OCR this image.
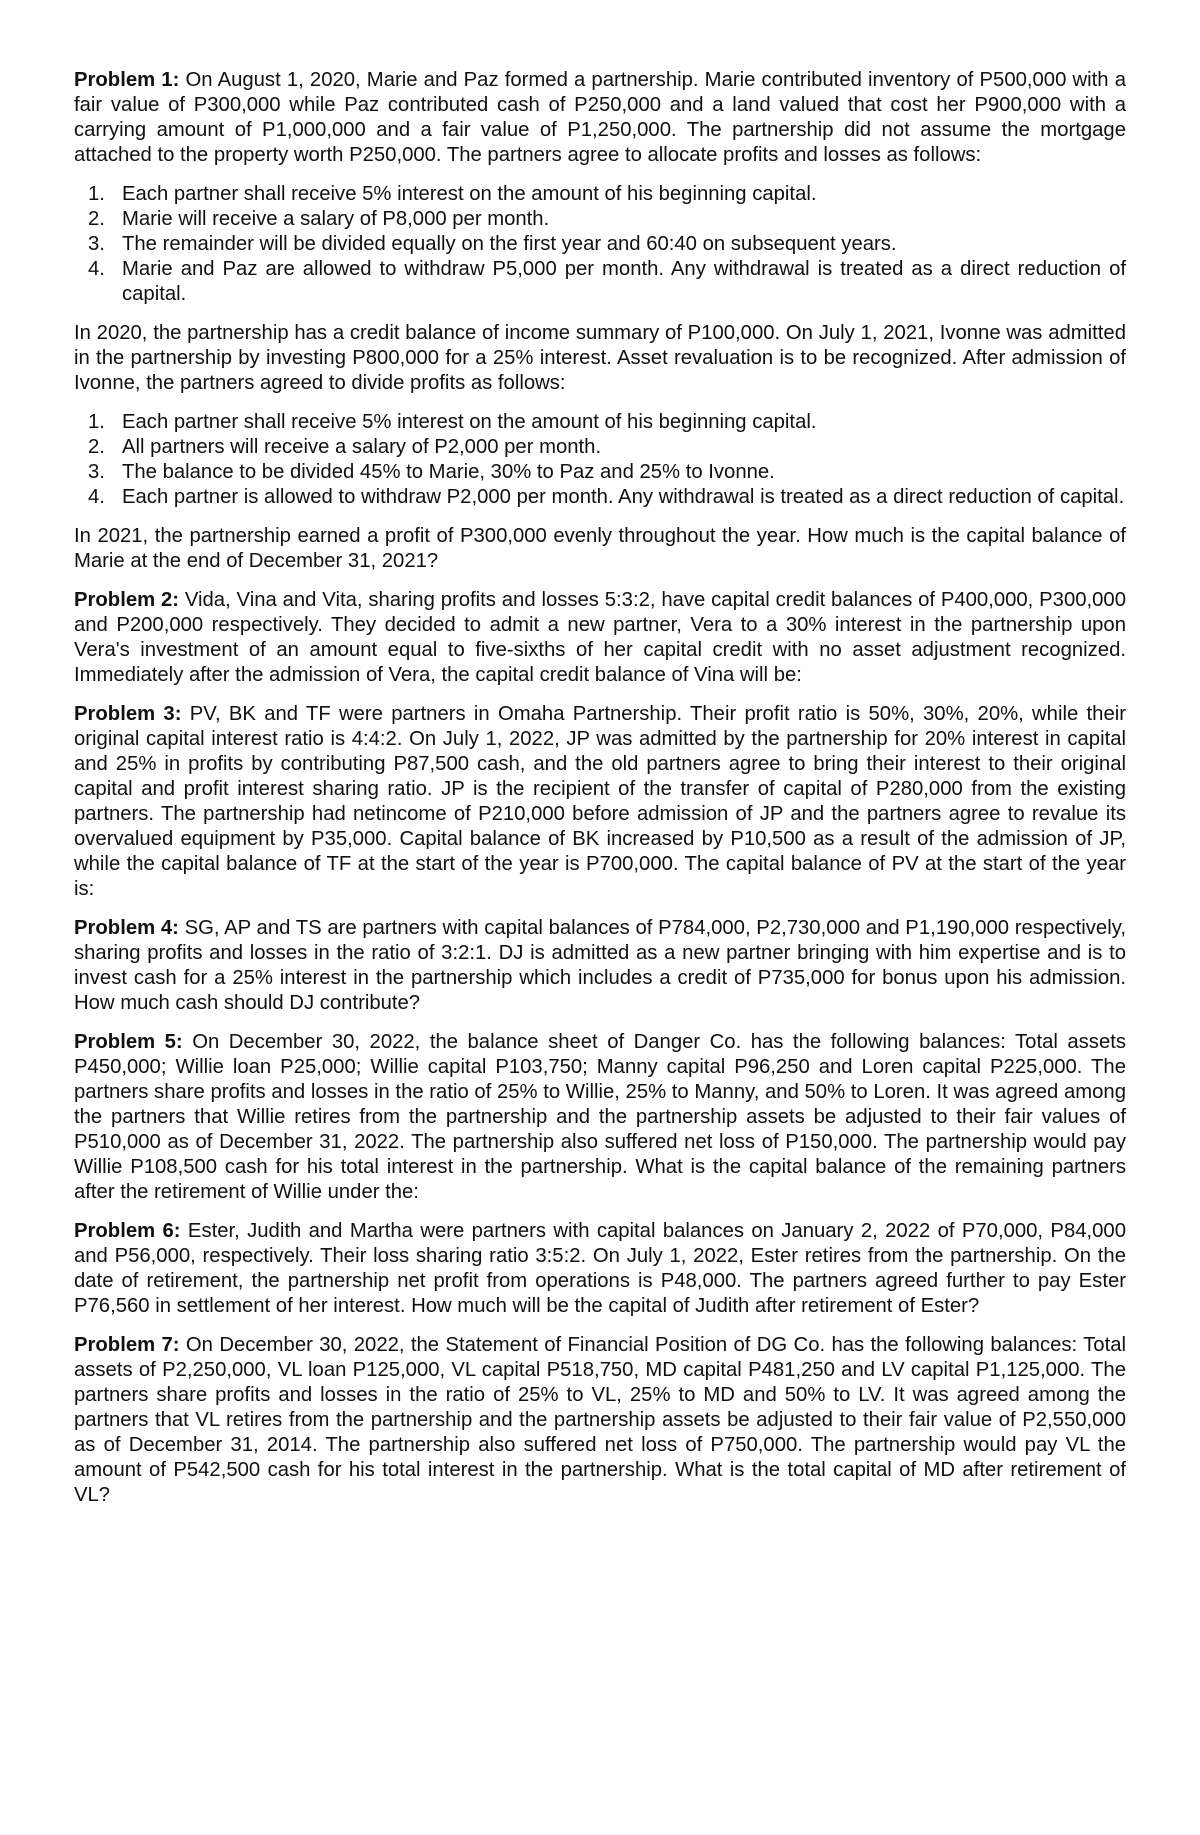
Problem 1: On August 1, 2020, Marie and Paz formed a partnership. Marie contributed inventory of P500,000 with a fair value of P300,000 while Paz contributed cash of P250,000 and a land valued that cost her P900,000 with a carrying amount of P1,000,000 and a fair value of P1,250,000. The partnership did not assume the mortgage attached to the property worth P250,000. The partners agree to allocate profits and losses as follows:

1. Each partner shall receive 5% interest on the amount of his beginning capital.
2. Marie will receive a salary of P8,000 per month.
3. The remainder will be divided equally on the first year and 60:40 on subsequent years.
4. Marie and Paz are allowed to withdraw P5,000 per month. Any withdrawal is treated as a direct reduction of capital.

In 2020, the partnership has a credit balance of income summary of P100,000. On July 1, 2021, Ivonne was admitted in the partnership by investing P800,000 for a 25% interest. Asset revaluation is to be recognized. After admission of Ivonne, the partners agreed to divide profits as follows:

1. Each partner shall receive 5% interest on the amount of his beginning capital.
2. All partners will receive a salary of P2,000 per month.
3. The balance to be divided 45% to Marie, 30% to Paz and 25% to Ivonne.
4. Each partner is allowed to withdraw P2,000 per month. Any withdrawal is treated as a direct reduction of capital.

In 2021, the partnership earned a profit of P300,000 evenly throughout the year. How much is the capital balance of Marie at the end of December 31, 2021?

Problem 2: Vida, Vina and Vita, sharing profits and losses 5:3:2, have capital credit balances of P400,000, P300,000 and P200,000 respectively. They decided to admit a new partner, Vera to a 30% interest in the partnership upon Vera's investment of an amount equal to five-sixths of her capital credit with no asset adjustment recognized. Immediately after the admission of Vera, the capital credit balance of Vina will be:

Problem 3: PV, BK and TF were partners in Omaha Partnership. Their profit ratio is 50%, 30%, 20%, while their original capital interest ratio is 4:4:2. On July 1, 2022, JP was admitted by the partnership for 20% interest in capital and 25% in profits by contributing P87,500 cash, and the old partners agree to bring their interest to their original capital and profit interest sharing ratio. JP is the recipient of the transfer of capital of P280,000 from the existing partners. The partnership had netincome of P210,000 before admission of JP and the partners agree to revalue its overvalued equipment by P35,000. Capital balance of BK increased by P10,500 as a result of the admission of JP, while the capital balance of TF at the start of the year is P700,000. The capital balance of PV at the start of the year is:

Problem 4: SG, AP and TS are partners with capital balances of P784,000, P2,730,000 and P1,190,000 respectively, sharing profits and losses in the ratio of 3:2:1. DJ is admitted as a new partner bringing with him expertise and is to invest cash for a 25% interest in the partnership which includes a credit of P735,000 for bonus upon his admission. How much cash should DJ contribute?

Problem 5: On December 30, 2022, the balance sheet of Danger Co. has the following balances: Total assets P450,000; Willie loan P25,000; Willie capital P103,750; Manny capital P96,250 and Loren capital P225,000. The partners share profits and losses in the ratio of 25% to Willie, 25% to Manny, and 50% to Loren. It was agreed among the partners that Willie retires from the partnership and the partnership assets be adjusted to their fair values of P510,000 as of December 31, 2022. The partnership also suffered net loss of P150,000. The partnership would pay Willie P108,500 cash for his total interest in the partnership. What is the capital balance of the remaining partners after the retirement of Willie under the:

Problem 6: Ester, Judith and Martha were partners with capital balances on January 2, 2022 of P70,000, P84,000 and P56,000, respectively. Their loss sharing ratio 3:5:2. On July 1, 2022, Ester retires from the partnership. On the date of retirement, the partnership net profit from operations is P48,000. The partners agreed further to pay Ester P76,560 in settlement of her interest. How much will be the capital of Judith after retirement of Ester?

Problem 7: On December 30, 2022, the Statement of Financial Position of DG Co. has the following balances: Total assets of P2,250,000, VL loan P125,000, VL capital P518,750, MD capital P481,250 and LV capital P1,125,000. The partners share profits and losses in the ratio of 25% to VL, 25% to MD and 50% to LV. It was agreed among the partners that VL retires from the partnership and the partnership assets be adjusted to their fair value of P2,550,000 as of December 31, 2014. The partnership also suffered net loss of P750,000. The partnership would pay VL the amount of P542,500 cash for his total interest in the partnership. What is the total capital of MD after retirement of VL?
